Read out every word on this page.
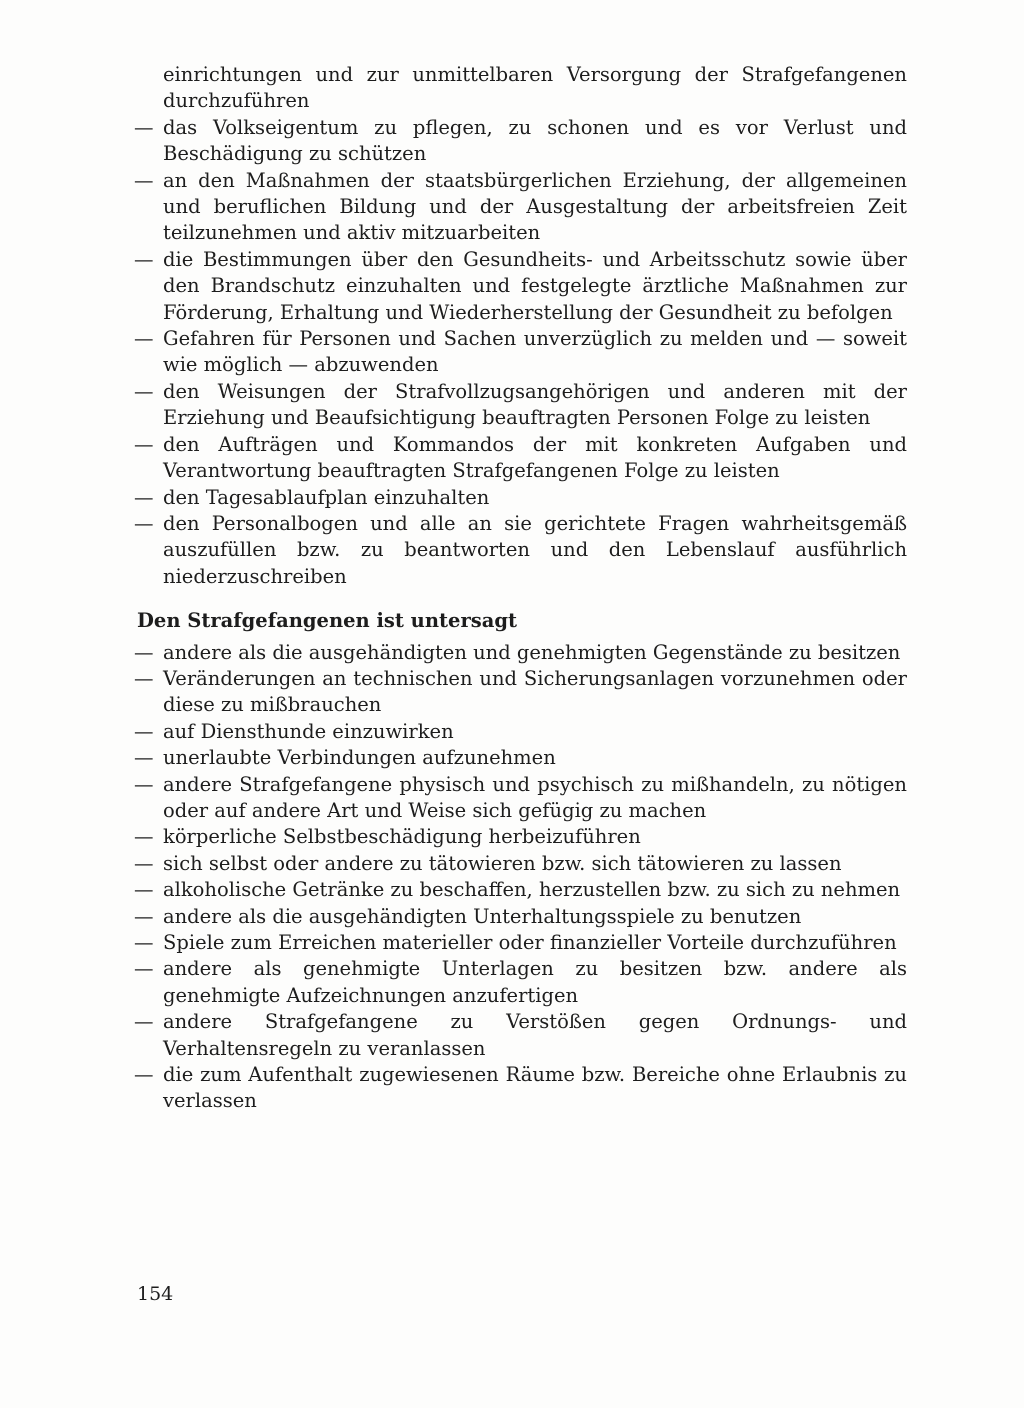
einrichtungen und zur unmittelbaren Versorgung der Strafgefangenen durchzuführen

— das Volkseigentum zu pflegen, zu schonen und es vor Verlust und Beschädigung zu schützen
— an den Maßnahmen der staatsbürgerlichen Erziehung, der allgemeinen und beruflichen Bildung und der Ausgestaltung der arbeitsfreien Zeit teilzunehmen und aktiv mitzuarbeiten
— die Bestimmungen über den Gesundheits- und Arbeitsschutz sowie über den Brandschutz einzuhalten und festgelegte ärztliche Maßnahmen zur Förderung, Erhaltung und Wiederherstellung der Gesundheit zu befolgen
— Gefahren für Personen und Sachen unverzüglich zu melden und — soweit wie möglich — abzuwenden
— den Weisungen der Strafvollzugsangehörigen und anderen mit der Erziehung und Beaufsichtigung beauftragten Personen Folge zu leisten
— den Aufträgen und Kommandos der mit konkreten Aufgaben und Verantwortung beauftragten Strafgefangenen Folge zu leisten
— den Tagesablaufplan einzuhalten
— den Personalbogen und alle an sie gerichtete Fragen wahrheitsgemäß auszufüllen bzw. zu beantworten und den Lebenslauf ausführlich niederzuschreiben
Den Strafgefangenen ist untersagt
— andere als die ausgehändigten und genehmigten Gegenstände zu besitzen
— Veränderungen an technischen und Sicherungsanlagen vorzunehmen oder diese zu mißbrauchen
— auf Diensthunde einzuwirken
— unerlaubte Verbindungen aufzunehmen
— andere Strafgefangene physisch und psychisch zu mißhandeln, zu nötigen oder auf andere Art und Weise sich gefügig zu machen
— körperliche Selbstbeschädigung herbeizuführen
— sich selbst oder andere zu tätowieren bzw. sich tätowieren zu lassen
— alkoholische Getränke zu beschaffen, herzustellen bzw. zu sich zu nehmen
— andere als die ausgehändigten Unterhaltungsspiele zu benutzen
— Spiele zum Erreichen materieller oder finanzieller Vorteile durchzuführen
— andere als genehmigte Unterlagen zu besitzen bzw. andere als genehmigte Aufzeichnungen anzufertigen
— andere Strafgefangene zu Verstößen gegen Ordnungs- und Verhaltensregeln zu veranlassen
— die zum Aufenthalt zugewiesenen Räume bzw. Bereiche ohne Erlaubnis zu verlassen
154
